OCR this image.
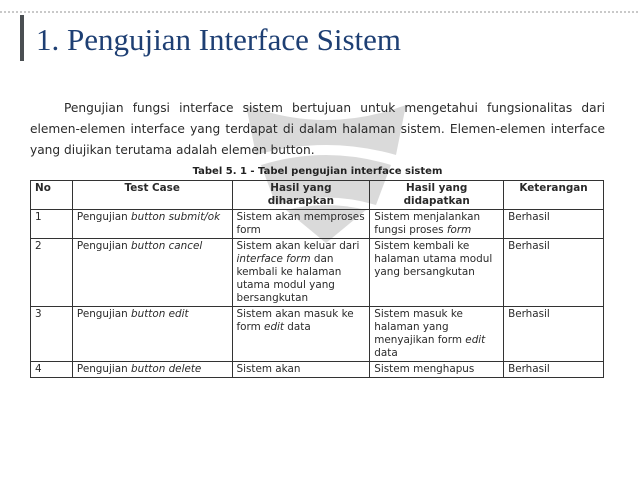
1. Pengujian Interface Sistem

Pengujian fungsi interface sistem bertujuan untuk mengetahui fungsionalitas dari elemen-elemen interface yang terdapat di dalam halaman sistem. Elemen-elemen interface yang diujikan terutama adalah elemen button.

Tabel 5. 1 - Tabel pengujian interface sistem
No	Test Case	Hasil yang diharapkan	Hasil yang didapatkan	Keterangan
1	Pengujian button submit/ok	Sistem akan memproses form	Sistem menjalankan fungsi proses form	Berhasil
2	Pengujian button cancel	Sistem akan keluar dari interface form dan kembali ke halaman utama modul yang bersangkutan	Sistem kembali ke halaman utama modul yang bersangkutan	Berhasil
3	Pengujian button edit	Sistem akan masuk ke form edit data	Sistem masuk ke halaman yang menyajikan form edit data	Berhasil
4	Pengujian button delete	Sistem akan	Sistem menghapus	Berhasil
